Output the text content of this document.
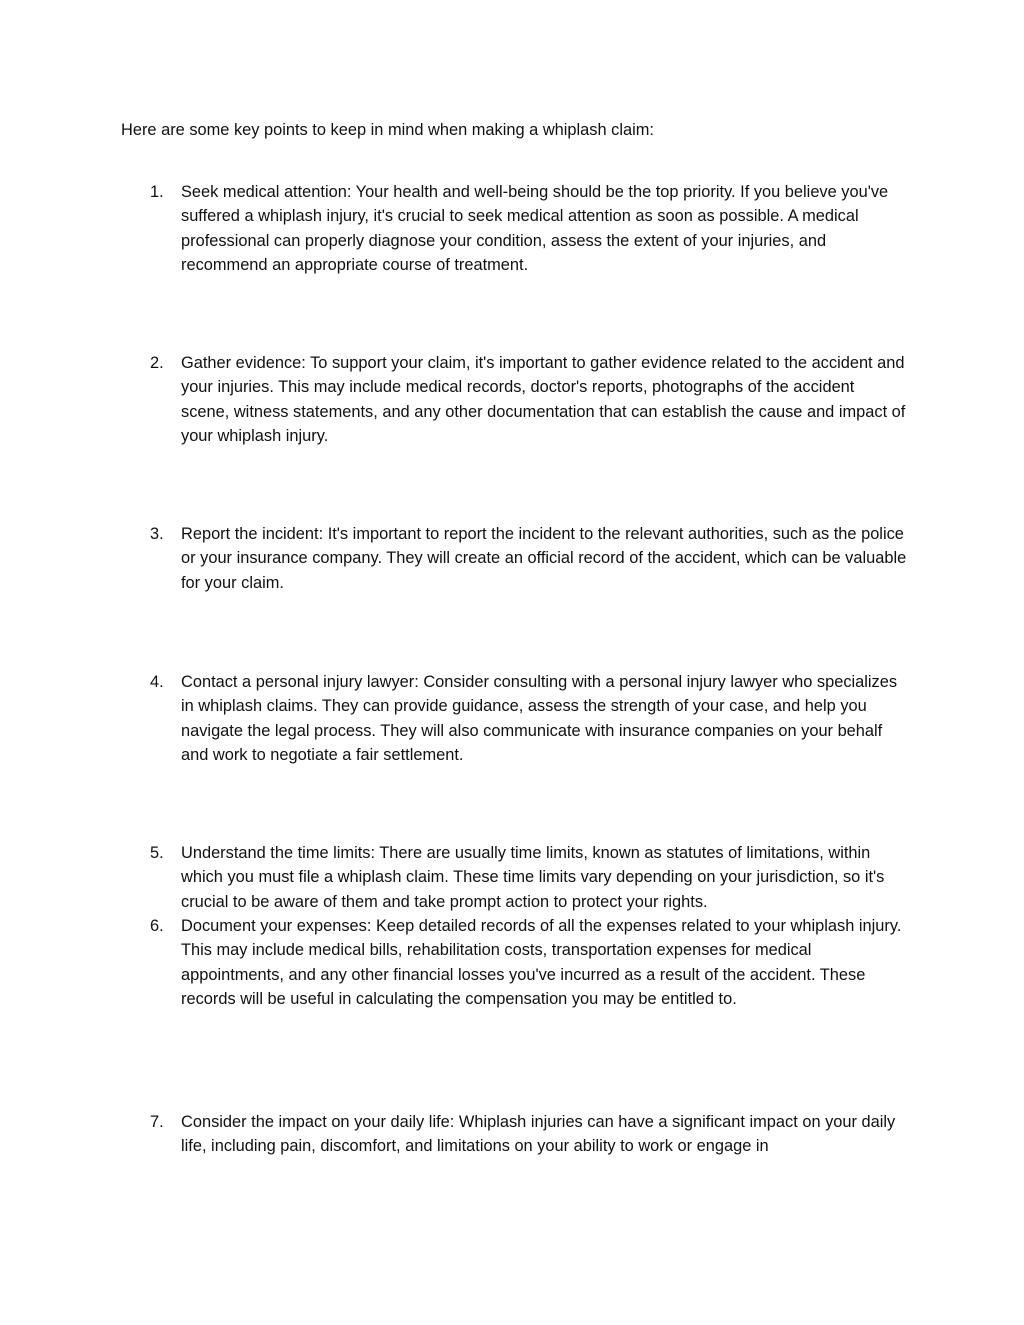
Here are some key points to keep in mind when making a whiplash claim:

1.	Seek medical attention: Your health and well-being should be the top priority. If you believe you've suffered a whiplash injury, it's crucial to seek medical attention as soon as possible. A medical professional can properly diagnose your condition, assess the extent of your injuries, and recommend an appropriate course of treatment.
2.	Gather evidence: To support your claim, it's important to gather evidence related to the accident and your injuries. This may include medical records, doctor's reports, photographs of the accident scene, witness statements, and any other documentation that can establish the cause and impact of your whiplash injury.
3.	Report the incident: It's important to report the incident to the relevant authorities, such as the police or your insurance company. They will create an official record of the accident, which can be valuable for your claim.
4.	Contact a personal injury lawyer: Consider consulting with a personal injury lawyer who specializes in whiplash claims. They can provide guidance, assess the strength of your case, and help you navigate the legal process. They will also communicate with insurance companies on your behalf and work to negotiate a fair settlement.
5.	Understand the time limits: There are usually time limits, known as statutes of limitations, within which you must file a whiplash claim. These time limits vary depending on your jurisdiction, so it's crucial to be aware of them and take prompt action to protect your rights.
6.	Document your expenses: Keep detailed records of all the expenses related to your whiplash injury. This may include medical bills, rehabilitation costs, transportation expenses for medical appointments, and any other financial losses you've incurred as a result of the accident. These records will be useful in calculating the compensation you may be entitled to.
7.	Consider the impact on your daily life: Whiplash injuries can have a significant impact on your daily life, including pain, discomfort, and limitations on your ability to work or engage in
